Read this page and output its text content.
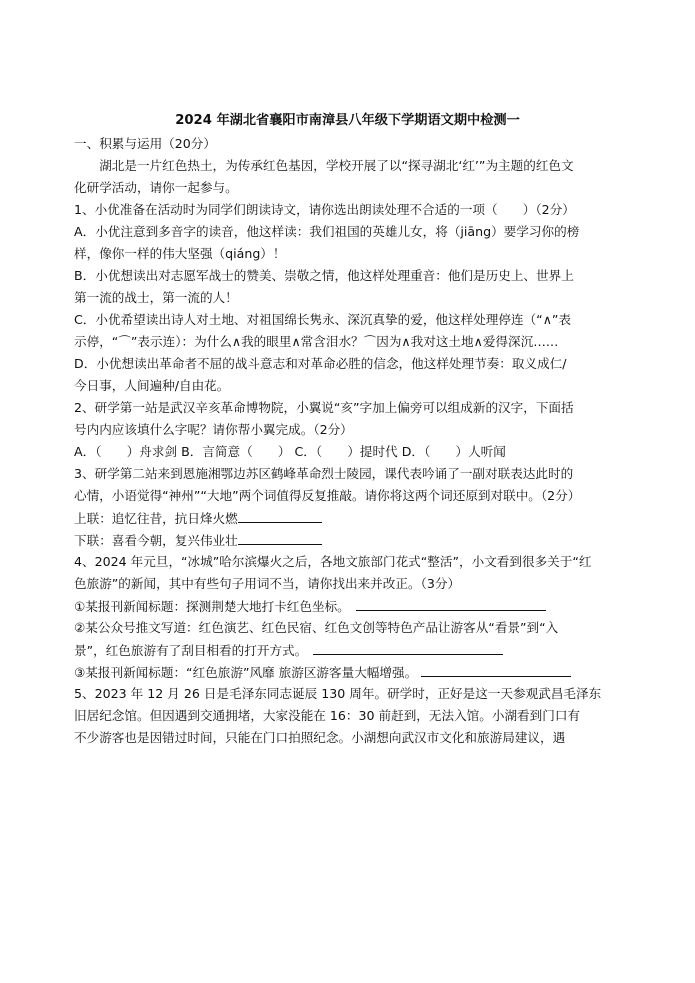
2024 年湖北省襄阳市南漳县八年级下学期语文期中检测一
一、积累与运用（20分）
　　湖北是一片红色热土，为传承红色基因，学校开展了以“探寻湖北‘红’”为主题的红色文
化研学活动，请你一起参与。
1、小优准备在活动时为同学们朗读诗文，请你选出朗读处理不合适的一项（　　）（2分）
A．小优注意到多音字的读音，他这样读：我们祖国的英雄儿女，将（jiāng）要学习你的榜
样，像你一样的伟大坚强（qiáng）！
B．小优想读出对志愿军战士的赞美、崇敬之情，他这样处理重音：他们是历史上、世界上
第一流的战士，第一流的人！
C．小优希望读出诗人对土地、对祖国绵长隽永、深沉真挚的爱，他这样处理停连（“∧”表
示停，“⌒”表示连）：为什么∧我的眼里∧常含泪水？⌒因为∧我对这土地∧爱得深沉……
D．小优想读出革命者不屈的战斗意志和对革命必胜的信念，他这样处理节奏：取义成仁/
今日事，人间遍种/自由花。
2、研学第一站是武汉辛亥革命博物院，小翼说“亥”字加上偏旁可以组成新的汉字，下面括
号内内应该填什么字呢？请你帮小翼完成。（2分）
A．（　　）舟求剑 B．言简意（　　） C．（　　）提时代 D．（　　）人听闻
3、研学第二站来到恩施湘鄂边苏区鹤峰革命烈士陵园，课代表吟诵了一副对联表达此时的
心情，小语觉得“神州”“大地”两个词值得反复推敲。请你将这两个词还原到对联中。（2分）
上联：追忆往昔，抗日烽火燃
下联：喜看今朝，复兴伟业壮
4、2024 年元旦，“冰城”哈尔滨爆火之后，各地文旅部门花式“整活”，小文看到很多关于“红
色旅游”的新闻，其中有些句子用词不当，请你找出来并改正。（3分）
①某报刊新闻标题：探测荆楚大地打卡红色坐标。
②某公众号推文写道：红色演艺、红色民宿、红色文创等特色产品让游客从“看景”到“入
景”，红色旅游有了刮目相看的打开方式。
③某报刊新闻标题：“红色旅游”风靡 旅游区游客量大幅增强。
5、2023 年 12 月 26 日是毛泽东同志诞辰 130 周年。研学时，正好是这一天参观武昌毛泽东
旧居纪念馆。但因遇到交通拥堵，大家没能在 16：30 前赶到，无法入馆。小湖看到门口有
不少游客也是因错过时间，只能在门口拍照纪念。小湖想向武汉市文化和旅游局建议，遇
